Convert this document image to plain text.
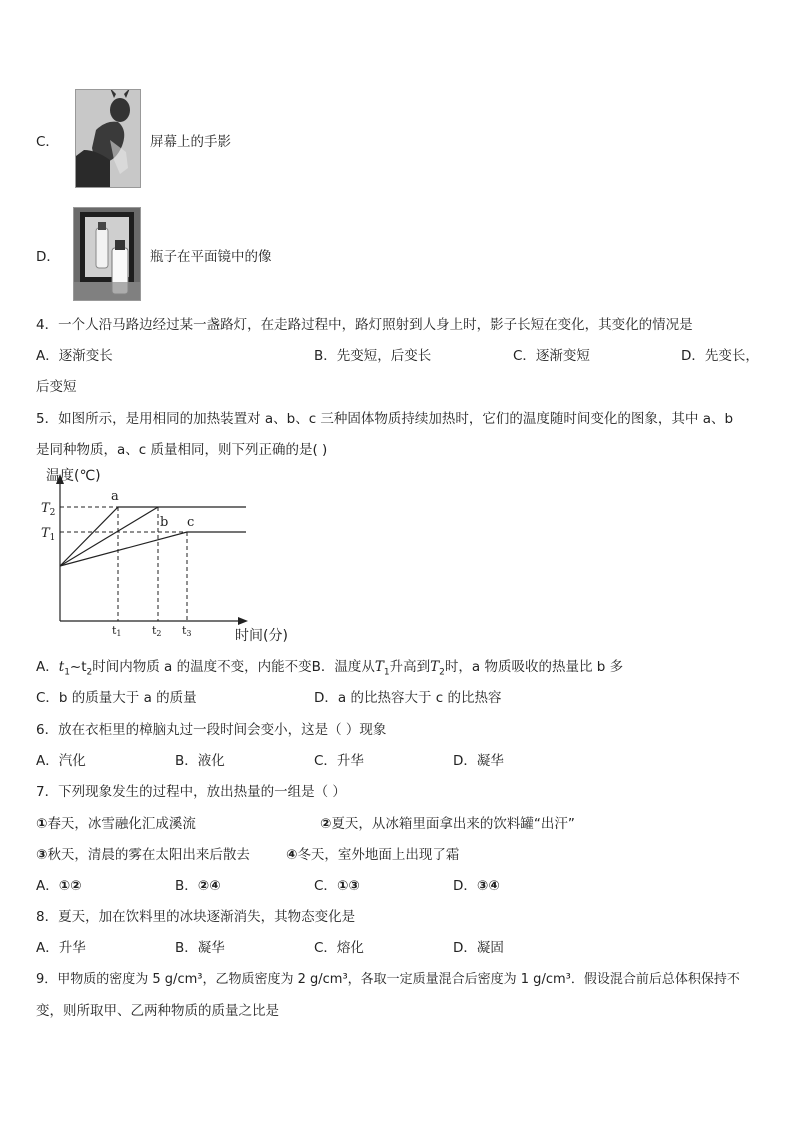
C．	屏幕上的手影
D．	瓶子在平面镜中的像
4．一个人沿马路边经过某一盏路灯，在走路过程中，路灯照射到人身上时，影子长短在变化，其变化的情况是
A．逐渐变长	B．先变短，后变长	C．逐渐变短	D．先变长，
后变短
5．如图所示，是用相同的加热装置对 a、b、c 三种固体物质持续加热时，它们的温度随时间变化的图象，其中 a、b
是同种物质，a、c 质量相同，则下列正确的是( )
温度(℃)
时间(分)
a
b c
$T_2$
$T_1$
t1	t2 t3
A．$t_1\sim t_2$时间内物质 a 的温度不变，内能不变B．温度从$T_1$升高到$T_2$时，a 物质吸收的热量比 b 多
C．b 的质量大于 a 的质量	D．a 的比热容大于 c 的比热容
6．放在衣柜里的樟脑丸过一段时间会变小，这是（ ）现象
A．汽化	B．液化	C．升华	D．凝华
7．下列现象发生的过程中，放出热量的一组是（ ）
①春天，冰雪融化汇成溪流	②夏天，从冰箱里面拿出来的饮料罐“出汗”
③秋天，清晨的雾在太阳出来后散去	④冬天，室外地面上出现了霜
A．①②	B．②④	C．①③	D．③④
8．夏天，加在饮料里的冰块逐渐消失，其物态变化是
A．升华	B．凝华	C．熔化	D．凝固
9．甲物质的密度为 5 g/cm³，乙物质密度为 2 g/cm³，各取一定质量混合后密度为 1 g/cm³．假设混合前后总体积保持不
变，则所取甲、乙两种物质的质量之比是
